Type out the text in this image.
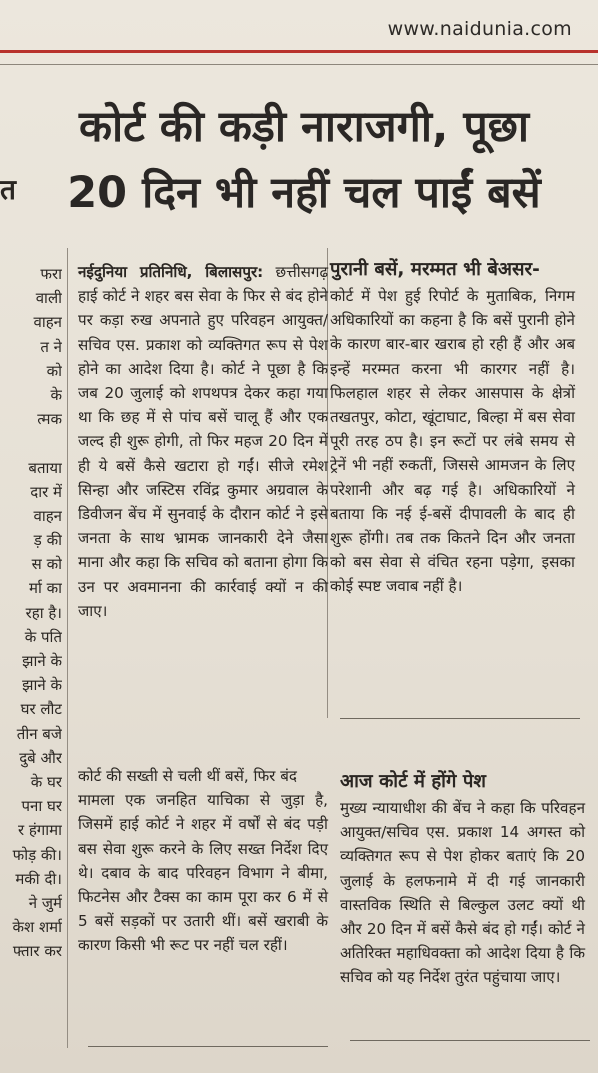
www.naidunia.com
त
कोर्ट की कड़ी नाराजगी, पूछा
20 दिन भी नहीं चल पाईं बसें
फरा
वाली
वाहन
त ने
को
के
त्मक
बताया
दार में
वाहन
ड़ की
स को
र्मा का
रहा है।
के पति
झाने के
झाने के
घर लौट
तीन बजे
दुबे और
के घर
पना घर
र हंगामा
फोड़ की।
मकी दी।
ने जुर्म
केश शर्मा
फ्तार कर

नईदुनिया प्रतिनिधि, बिलासपुर: छत्तीसगढ़ हाई कोर्ट ने शहर बस सेवा के फिर से बंद होने पर कड़ा रुख अपनाते हुए परिवहन आयुक्त/सचिव एस. प्रकाश को व्यक्तिगत रूप से पेश होने का आदेश दिया है। कोर्ट ने पूछा है कि जब 20 जुलाई को शपथपत्र देकर कहा गया था कि छह में से पांच बसें चालू हैं और एक जल्द ही शुरू होगी, तो फिर महज 20 दिन में ही ये बसें कैसे खटारा हो गईं। सीजे रमेश सिन्हा और जस्टिस रविंद्र कुमार अग्रवाल के डिवीजन बेंच में सुनवाई के दौरान कोर्ट ने इसे जनता के साथ भ्रामक जानकारी देने जैसा माना और कहा कि सचिव को बताना होगा कि उन पर अवमानना की कार्रवाई क्यों न की जाए।

पुरानी बसें, मरम्मत भी बेअसर-

कोर्ट में पेश हुई रिपोर्ट के मुताबिक, निगम अधिकारियों का कहना है कि बसें पुरानी होने के कारण बार-बार खराब हो रही हैं और अब इन्हें मरम्मत करना भी कारगर नहीं है। फिलहाल शहर से लेकर आसपास के क्षेत्रों तखतपुर, कोटा, खूंटाघाट, बिल्हा में बस सेवा पूरी तरह ठप है। इन रूटों पर लंबे समय से ट्रेनें भी नहीं रुकतीं, जिससे आमजन के लिए परेशानी और बढ़ गई है। अधिकारियों ने बताया कि नई ई-बसें दीपावली के बाद ही शुरू होंगी। तब तक कितने दिन और जनता को बस सेवा से वंचित रहना पड़ेगा, इसका कोई स्पष्ट जवाब नहीं है।

कोर्ट की सख्ती से चली थीं बसें, फिर बंद

मामला एक जनहित याचिका से जुड़ा है, जिसमें हाई कोर्ट ने शहर में वर्षों से बंद पड़ी बस सेवा शुरू करने के लिए सख्त निर्देश दिए थे। दबाव के बाद परिवहन विभाग ने बीमा, फिटनेस और टैक्स का काम पूरा कर 6 में से 5 बसें सड़कों पर उतारी थीं। बसें खराबी के कारण किसी भी रूट पर नहीं चल रहीं।

आज कोर्ट में होंगे पेश

मुख्य न्यायाधीश की बेंच ने कहा कि परिवहन आयुक्त/सचिव एस. प्रकाश 14 अगस्त को व्यक्तिगत रूप से पेश होकर बताएं कि 20 जुलाई के हलफनामे में दी गई जानकारी वास्तविक स्थिति से बिल्कुल उलट क्यों थी और 20 दिन में बसें कैसे बंद हो गईं। कोर्ट ने अतिरिक्त महाधिवक्ता को आदेश दिया है कि सचिव को यह निर्देश तुरंत पहुंचाया जाए।
